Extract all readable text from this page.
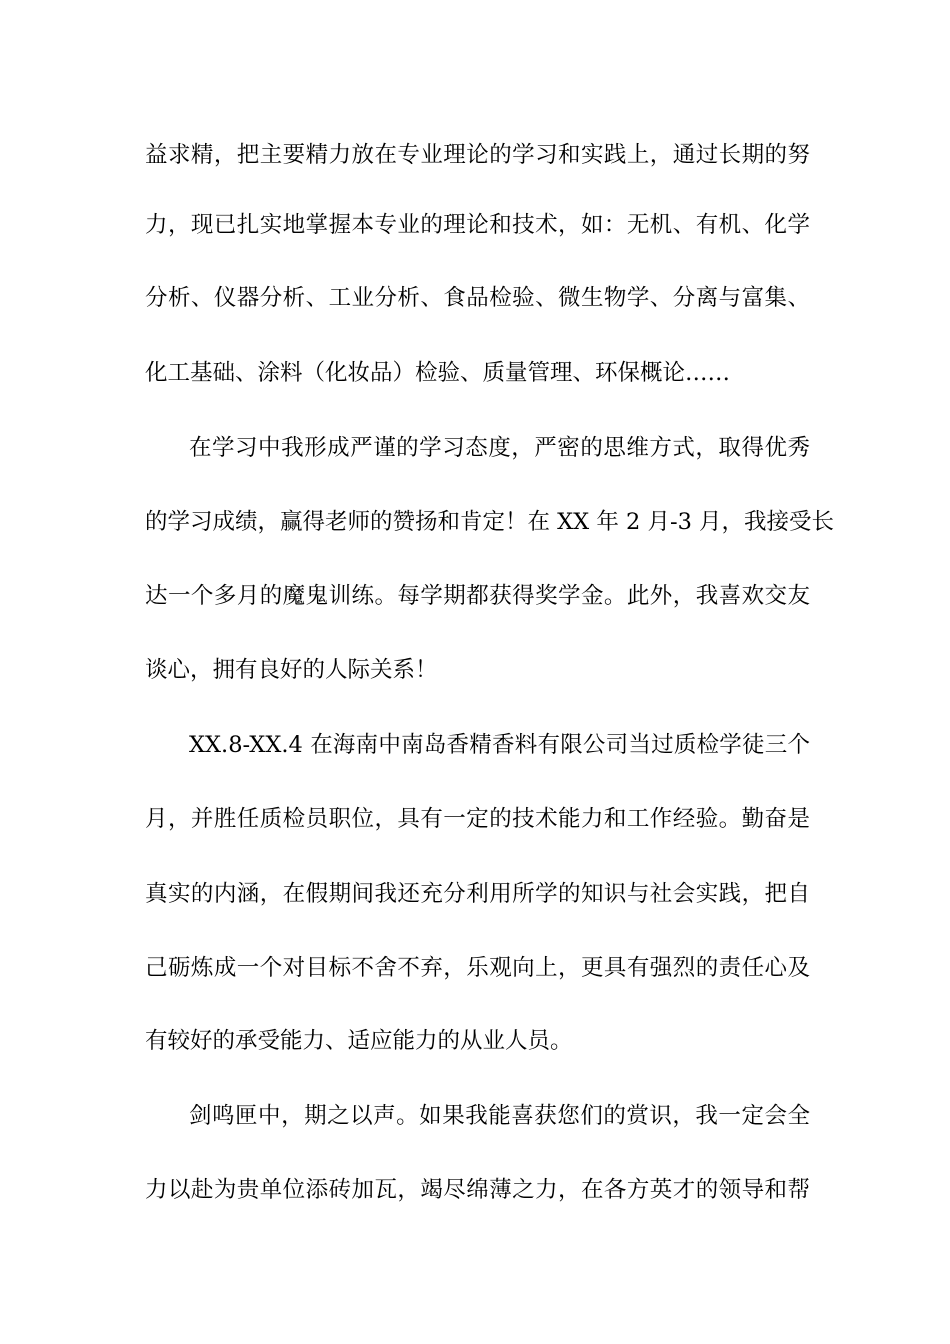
益求精，把主要精力放在专业理论的学习和实践上，通过长期的努
力，现已扎实地掌握本专业的理论和技术，如：无机、有机、化学
分析、仪器分析、工业分析、食品检验、微生物学、分离与富集、
化工基础、涂料（化妆品）检验、质量管理、环保概论……
在学习中我形成严谨的学习态度，严密的思维方式，取得优秀
的学习成绩，赢得老师的赞扬和肯定！在 XX 年 2 月-3 月，我接受长
达一个多月的魔鬼训练。每学期都获得奖学金。此外，我喜欢交友
谈心，拥有良好的人际关系！
XX.8-XX.4 在海南中南岛香精香料有限公司当过质检学徒三个
月，并胜任质检员职位，具有一定的技术能力和工作经验。勤奋是
真实的内涵，在假期间我还充分利用所学的知识与社会实践，把自
己砺炼成一个对目标不舍不弃，乐观向上，更具有强烈的责任心及
有较好的承受能力、适应能力的从业人员。
剑鸣匣中，期之以声。如果我能喜获您们的赏识，我一定会全
力以赴为贵单位添砖加瓦，竭尽绵薄之力，在各方英才的领导和帮
